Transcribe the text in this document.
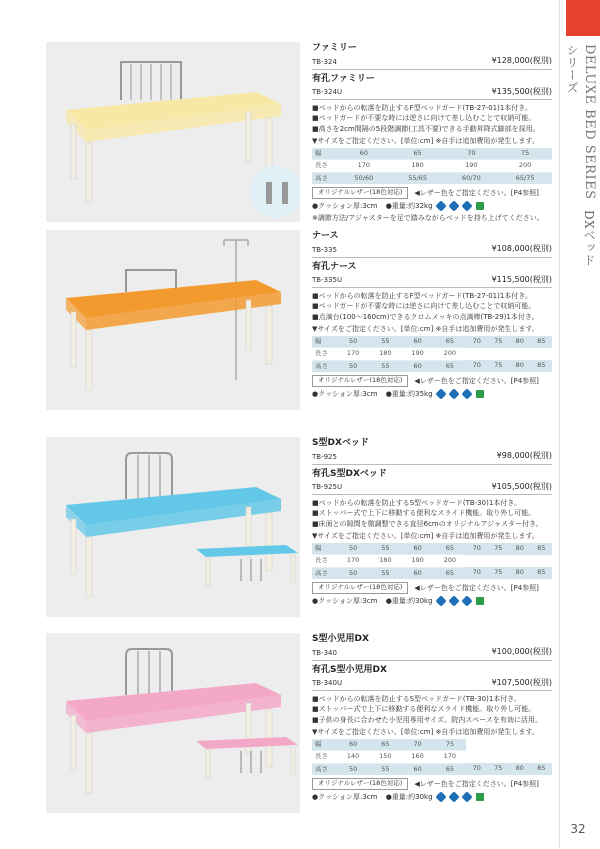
DELUXE BED SERIES DXベッドシリーズ
32
ファミリー
TB-324	¥128,000(税別)
有孔ファミリー
TB-324U	¥135,500(税別)
■ベッドからの転落を防止するF型ベッドガード(TB-27-01)1本付き。
■ベッドガードが不要な時には逆さに向けて差し込むことで収納可能。
■高さを2cm間隔の5段階調節(工具不要)できる手動昇降式脚部を採用。
▼サイズをご指定ください。[単位:cm] ※自手は追加費用が発生します。
幅	60	65	70	75
長さ	170	180	190	200
高さ	50/60	55/65	60/70	65/75
オリジナルレザー(18色対応)	◀レザー色をご指定ください。[P4参照]
●クッション厚:3cm
●重量:約32kg
※調節方法/アジャスターを足で踏みながらベッドを持ち上げてください。
ナース
TB-335	¥108,000(税別)
有孔ナース
TB-335U	¥115,500(税別)
■ベッドからの転落を防止するF型ベッドガード(TB-27-01)1本付き。
■ベッドガードが不要な時には逆さに向けて差し込むことで収納可能。
■点滴台(100〜160cm)できるクロムメッキの点滴棒(TB-29)1本付き。
▼サイズをご指定ください。[単位:cm] ※自手は追加費用が発生します。
幅	50	55	60	65	70	75	80	85
長さ	170	180	190	200				
高さ	50	55	60	65	70	75	80	85
オリジナルレザー(18色対応)	◀レザー色をご指定ください。[P4参照]
●クッション厚:3cm
●重量:約35kg
S型DXベッド
TB-925	¥98,000(税別)
有孔S型DXベッド
TB-925U	¥105,500(税別)
■ベッドからの転落を防止するS型ベッドガード(TB-30)1本付き。
■ストッパー式で上下に移動する便利なスライド機能。取り外し可能。
■床面との隙間を微調整できる直径6cmのオリジナルアジャスター付き。
▼サイズをご指定ください。[単位:cm] ※自手は追加費用が発生します。
幅	50	55	60	65	70	75	80	85
長さ	170	180	190	200				
高さ	50	55	60	65	70	75	80	85
オリジナルレザー(18色対応)	◀レザー色をご指定ください。[P4参照]
●クッション厚:3cm
●重量:約30kg
S型小児用DX
TB-340	¥100,000(税別)
有孔S型小児用DX
TB-340U	¥107,500(税別)
■ベッドからの転落を防止するS型ベッドガード(TB-30)1本付き。
■ストッパー式で上下に移動する便利なスライド機能。取り外し可能。
■子供の身長に合わせた小児用専用サイズ。院内スペースを有効に活用。
▼サイズをご指定ください。[単位:cm] ※自手は追加費用が発生します。
幅	60	65	70	75				
長さ	140	150	160	170				
高さ	50	55	60	65	70	75	80	85
オリジナルレザー(18色対応)	◀レザー色をご指定ください。[P4参照]
●クッション厚:3cm
●重量:約30kg
